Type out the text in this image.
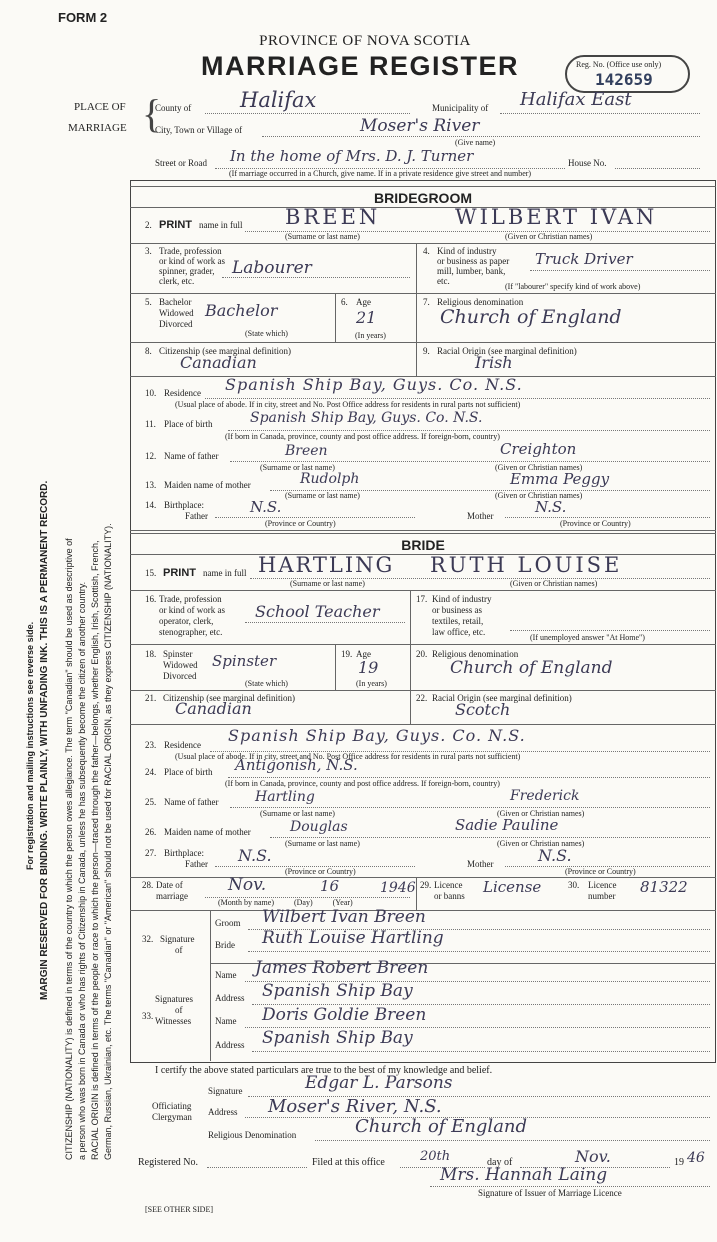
FORM 2
PROVINCE OF NOVA SCOTIA
MARRIAGE REGISTER	Reg. No. (Office use only)
142659
PLACE OF
MARRIAGE {
County of Halifax	Municipality of Halifax East
City, Town or Village of	Moser's River
(Give name)
Street or Road In the home of Mrs. D. J. Turner	House No.
(If marriage occurred in a Church, give name. If in a private residence give street and number)
BRIDEGROOM
2. PRINT name in full BREEN	WILBERT IVAN
(Surname or last name)	(Given or Christian names)
3. Trade, profession
or kind of work as
spinner, grader,
clerk, etc.
Labourer
4. Kind of industry
or business as paper
mill, lumber, bank,
etc.
Truck Driver
(If "labourer" specify kind of work above)
5. Bachelor
Widowed
Divorced
Bachelor
(State which)
6. Age
21
(In years)
7. Religious denomination
Church of England
8. Citizenship (see marginal definition)
Canadian
9. Racial Origin (see marginal definition)
Irish
10. Residence Spanish Ship Bay, Guys. Co. N.S.
(Usual place of abode. If in city, street and No. Post Office address for residents in rural parts not sufficient)
11. Place of birth	Spanish Ship Bay, Guys. Co. N.S.
(If born in Canada, province, county and post office address. If foreign-born, country)
12. Name of father	Breen	Creighton
(Surname or last name)	(Given or Christian names)
13. Maiden name of mother	Rudolph	Emma Peggy
(Surname or last name)	(Given or Christian names)
14. Birthplace:
Father	N.S.
(Province or Country)
Mother	N.S.
(Province or Country)
BRIDE
15. PRINT name in full HARTLING RUTH LOUISE
(Surname or last name)	(Given or Christian names)
16. Trade, profession
or kind of work as
operator, clerk,
stenographer, etc.
School Teacher
17. Kind of industry
or business as
textiles, retail,
law office, etc.
(If unemployed answer "At Home")
18. Spinster
Widowed
Divorced
Spinster
(State which)
19. Age
19
(In years)
20. Religious denomination
Church of England
21. Citizenship (see marginal definition)
Canadian
22. Racial Origin (see marginal definition)
Scotch
23. Residence Spanish Ship Bay, Guys. Co. N.S.
(Usual place of abode. If in city, street and No. Post Office address for residents in rural parts not sufficient)
24. Place of birth Antigonish, N.S.
(If born in Canada, province, county and post office address. If foreign-born, country)
25. Name of father	Hartling	Frederick
(Surname or last name)	(Given or Christian names)
26. Maiden name of mother	Douglas	Sadie Pauline
(Surname or last name)	(Given or Christian names)
27. Birthplace:
Father N.S.
(Province or Country)
Mother	N.S.
(Province or Country)
28. Date of
marriage
Nov.	16	1946
(Month by name)          (Day)          (Year)
29. Licence
or banns License	30. Licence
number 81322
32. Signature
of
Groom Wilbert Ivan Breen
Bride Ruth Louise Hartling
33.
Signatures
of
Witnesses
Name James Robert Breen
Address Spanish Ship Bay
Name Doris Goldie Breen
Address Spanish Ship Bay
I certify the above stated particulars are true to the best of my knowledge and belief.
Signature	Edgar L. Parsons
Officiating
Clergyman Address Moser's River, N.S.
Religious Denomination	Church of England
Registered No.	Filed at this office	20th	day of	Nov.	19 46
Mrs. Hannah Laing
Signature of Issuer of Marriage Licence
[SEE OTHER SIDE]
CITIZENSHIP (NATIONALITY) is defined in terms of the country to which the person owes allegiance. The term "Canadian" should be used as descriptive of a person who was born in Canada or who has rights of Citizenship in Canada, unless he has subsequently become the citizen of another country. RACIAL ORIGIN is defined in terms of the people or race to which the person—traced through the father—belongs, whether English, Irish, Scottish, French, German, Russian, Ukrainian, etc. The terms "Canadian" or "American" should not be used for RACIAL ORIGIN, as they express CITIZENSHIP (NATIONALITY).
MARGIN RESERVED FOR BINDING. WRITE PLAINLY, WITH UNFADING INK. THIS IS A PERMANENT RECORD.
For registration and mailing instructions see reverse side.
